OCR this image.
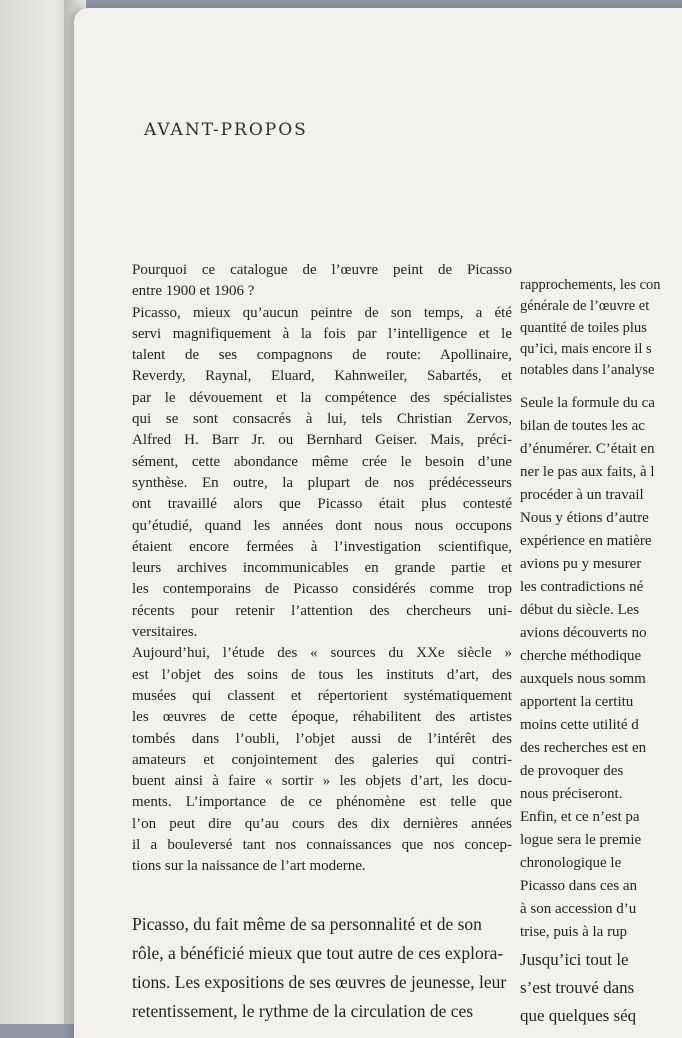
AVANT-PROPOS
Pourquoi ce catalogue de l’œuvre peint de Picasso
entre 1900 et 1906 ?
Picasso, mieux qu’aucun peintre de son temps, a été
servi magnifiquement à la fois par l’intelligence et le
talent de ses compagnons de route: Apollinaire,
Reverdy, Raynal, Eluard, Kahnweiler, Sabartés, et
par le dévouement et la compétence des spécialistes
qui se sont consacrés à lui, tels Christian Zervos,
Alfred H. Barr Jr. ou Bernhard Geiser. Mais, préci-
sément, cette abondance même crée le besoin d’une
synthèse. En outre, la plupart de nos prédécesseurs
ont travaillé alors que Picasso était plus contesté
qu’étudié, quand les années dont nous nous occupons
étaient encore fermées à l’investigation scientifique,
leurs archives incommunicables en grande partie et
les contemporains de Picasso considérés comme trop
récents pour retenir l’attention des chercheurs uni-
versitaires.
Aujourd’hui, l’étude des « sources du XXe siècle »
est l’objet des soins de tous les instituts d’art, des
musées qui classent et répertorient systématiquement
les œuvres de cette époque, réhabilitent des artistes
tombés dans l’oubli, l’objet aussi de l’intérêt des
amateurs et conjointement des galeries qui contri-
buent ainsi à faire « sortir » les objets d’art, les docu-
ments. L’importance de ce phénomène est telle que
l’on peut dire qu’au cours des dix dernières années
il a bouleversé tant nos connaissances que nos concep-
tions sur la naissance de l’art moderne.
Picasso, du fait même de sa personnalité et de son
rôle, a bénéficié mieux que tout autre de ces explora-
tions. Les expositions de ses œuvres de jeunesse, leur
retentissement, le rythme de la circulation de ces
rapprochements, les con
générale de l’œuvre et
quantité de toiles plus
qu’ici, mais encore il s
notables dans l’analyse
Seule la formule du ca
bilan de toutes les ac
d’énumérer. C’était en
ner le pas aux faits, à l
procéder à un travail
Nous y étions d’autre
expérience en matière
avions pu y mesurer
les contradictions né
début du siècle. Les
avions découverts no
cherche méthodique
auxquels nous somm
apportent la certitu
moins cette utilité d
des recherches est en
de provoquer des
nous préciseront.
Enfin, et ce n’est pa
logue sera le premie
chronologique le
Picasso dans ces an
à son accession d’u
trise, puis à la rup
Jusqu’ici tout le
s’est trouvé dans
que quelques séq
